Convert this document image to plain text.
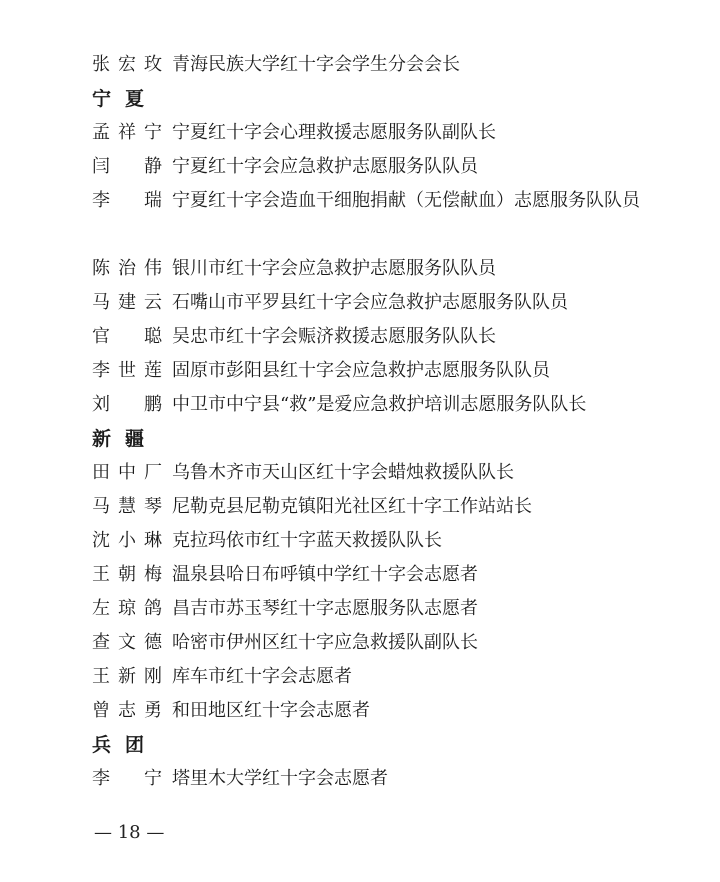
张宏玫 青海民族大学红十字会学生分会会长
宁夏
孟祥宁 宁夏红十字会心理救援志愿服务队副队长
闫静 宁夏红十字会应急救护志愿服务队队员
李瑞 宁夏红十字会造血干细胞捐献（无偿献血）志愿服务队队员
陈治伟 银川市红十字会应急救护志愿服务队队员
马建云 石嘴山市平罗县红十字会应急救护志愿服务队队员
官聪 吴忠市红十字会赈济救援志愿服务队队长
李世莲 固原市彭阳县红十字会应急救护志愿服务队队员
刘鹏 中卫市中宁县“救”是爱应急救护培训志愿服务队队长
新疆
田中厂 乌鲁木齐市天山区红十字会蜡烛救援队队长
马慧琴 尼勒克县尼勒克镇阳光社区红十字工作站站长
沈小琳 克拉玛依市红十字蓝天救援队队长
王朝梅 温泉县哈日布呼镇中学红十字会志愿者
左琼鸽 昌吉市苏玉琴红十字志愿服务队志愿者
查文德 哈密市伊州区红十字应急救援队副队长
王新刚 库车市红十字会志愿者
曾志勇 和田地区红十字会志愿者
兵团
李宁 塔里木大学红十字会志愿者
— 18 —
